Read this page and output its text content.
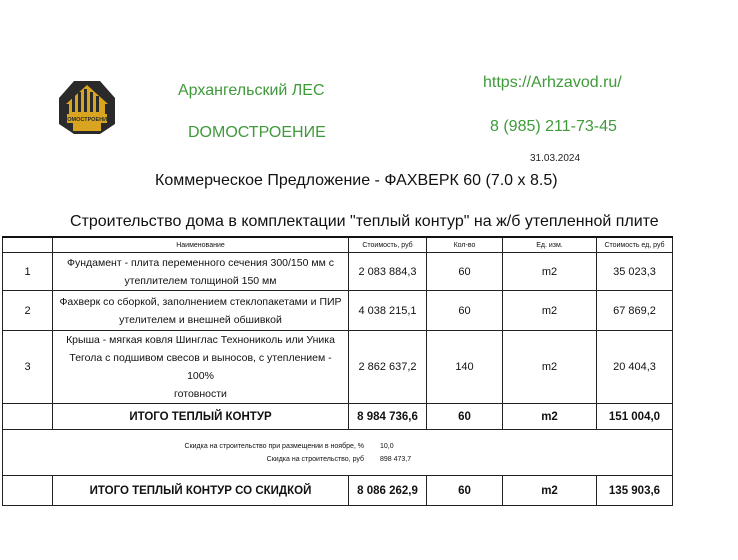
DOMOСТРОЕНИЕ
Архангельский ЛЕС
DOMOСТРОЕНИЕ
https://Arhzavod.ru/
8 (985) 211-73-45
31.03.2024
Коммерческое Предложение - ФАХВЕРК 60 (7.0 х 8.5)
Строительство дома в комплектации "теплый контур" на ж/б утепленной плите
	Наименование	Стоимость, руб	Кол-во	Ед. изм.	Стоимость ед, руб
1	Фундамент - плита переменного сечения 300/150 мм с
утеплителем толщиной 150 мм	2 083 884,3	60	m2	35 023,3
2	Фахверк со сборкой, заполнением стеклопакетами и ПИР
утелителем и внешней обшивкой	4 038 215,1	60	m2	67 869,2
3	Крыша - мягкая ковля Шинглас Технониколь или Уника
Тегола с подшивом свесов и выносов, с утеплением - 100%
готовности	2 862 637,2	140	m2	20 404,3
	ИТОГО ТЕПЛЫЙ КОНТУР	8 984 736,6	60	m2	151 004,0

Скидка на строительство при размещении в ноябре, % 10,0
Скидка на строительство, руб 898 473,7					

	ИТОГО ТЕПЛЫЙ КОНТУР СО СКИДКОЙ	8 086 262,9	60	m2	135 903,6
